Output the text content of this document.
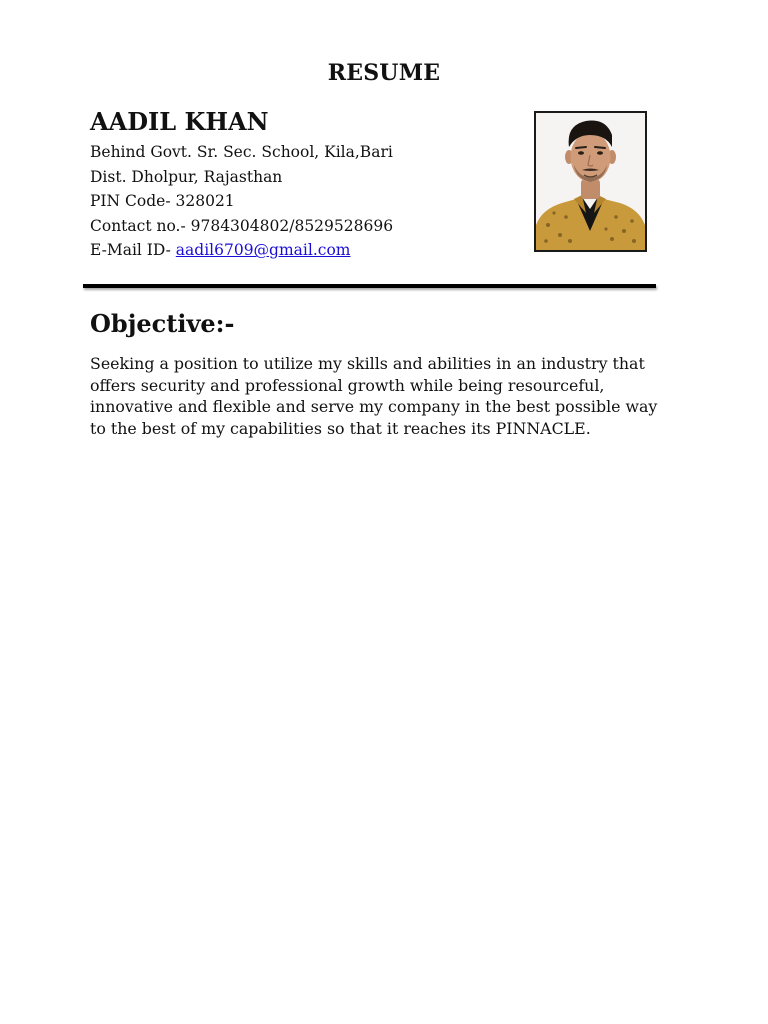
RESUME
AADIL KHAN
Behind Govt. Sr. Sec. School, Kila,Bari
Dist. Dholpur, Rajasthan
PIN Code- 328021
Contact no.- 9784304802/8529528696
E-Mail ID- aadil6709@gmail.com
Objective:-
Seeking a position to utilize my skills and abilities in an industry that offers security and professional growth while being resourceful, innovative and flexible and serve my company in the best possible way to the best of my capabilities so that it reaches its PINNACLE.
